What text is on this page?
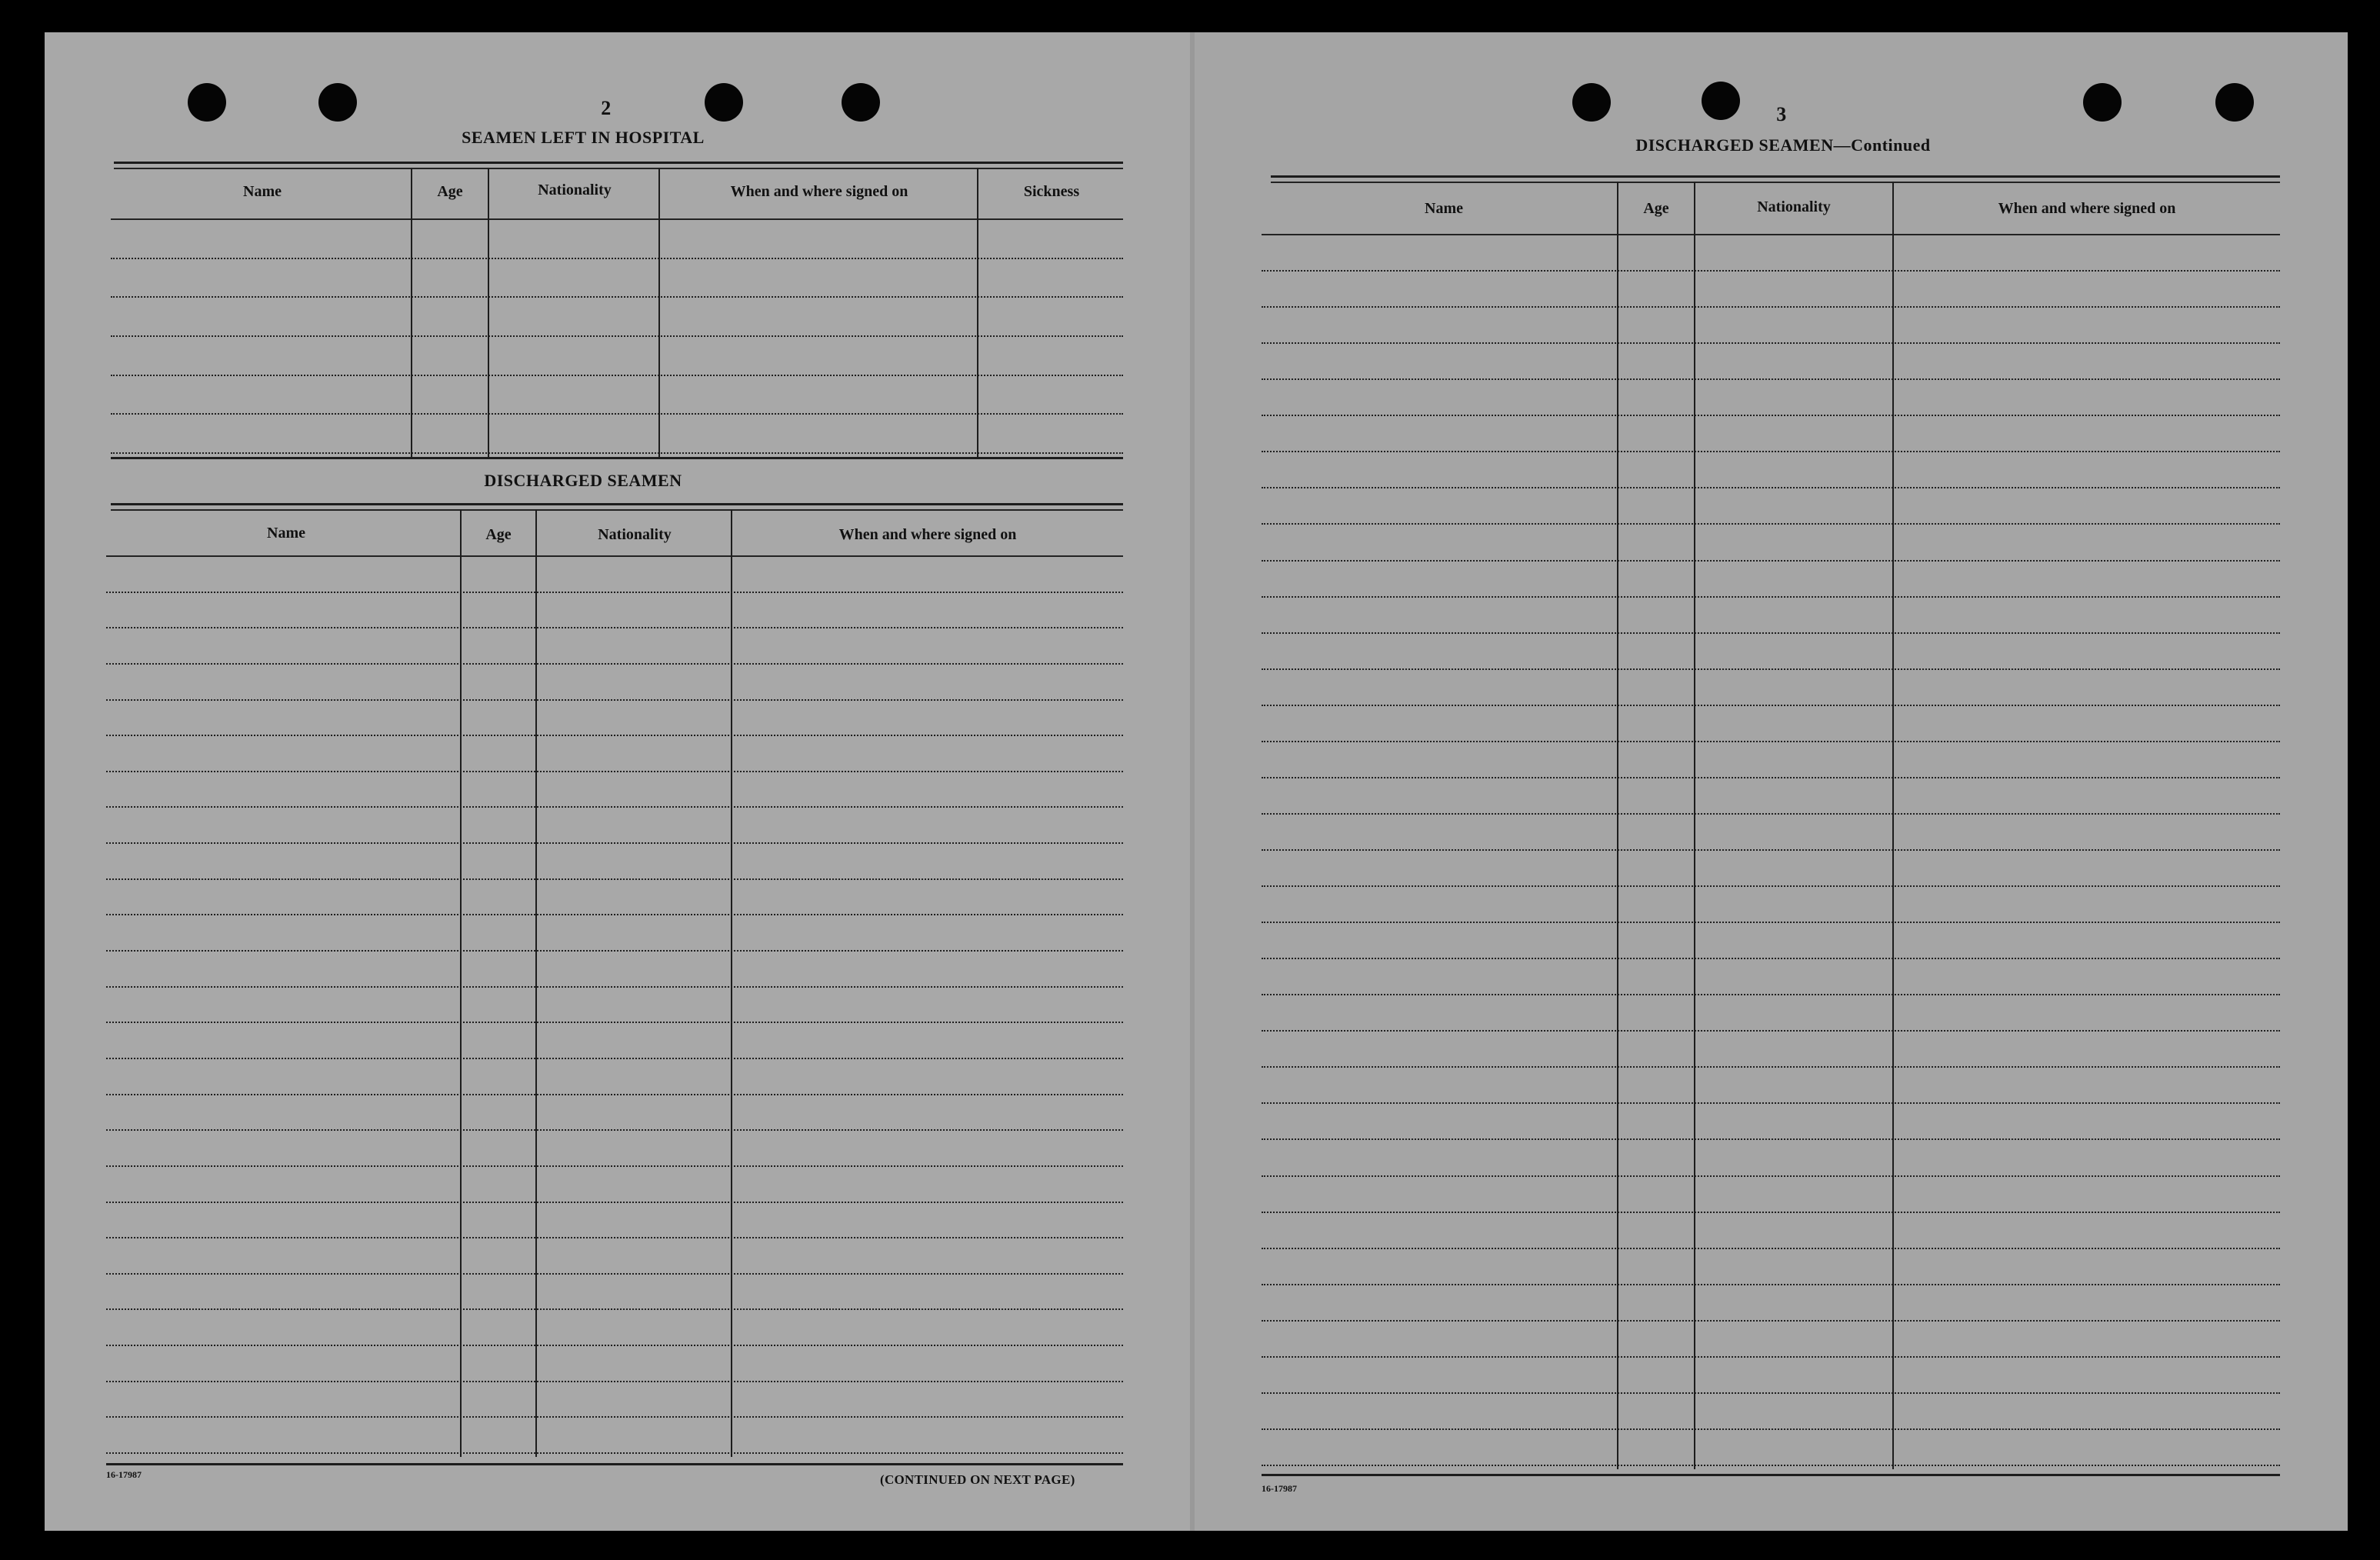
2
SEAMEN LEFT IN HOSPITAL
Name	Age	Nationality	When and where signed on	Sickness
DISCHARGED SEAMEN
Name	Age	Nationality	When and where signed on
16-17987	(CONTINUED ON NEXT PAGE)
3
DISCHARGED SEAMEN—Continued
Name	Age	Nationality	When and where signed on
16-17987
